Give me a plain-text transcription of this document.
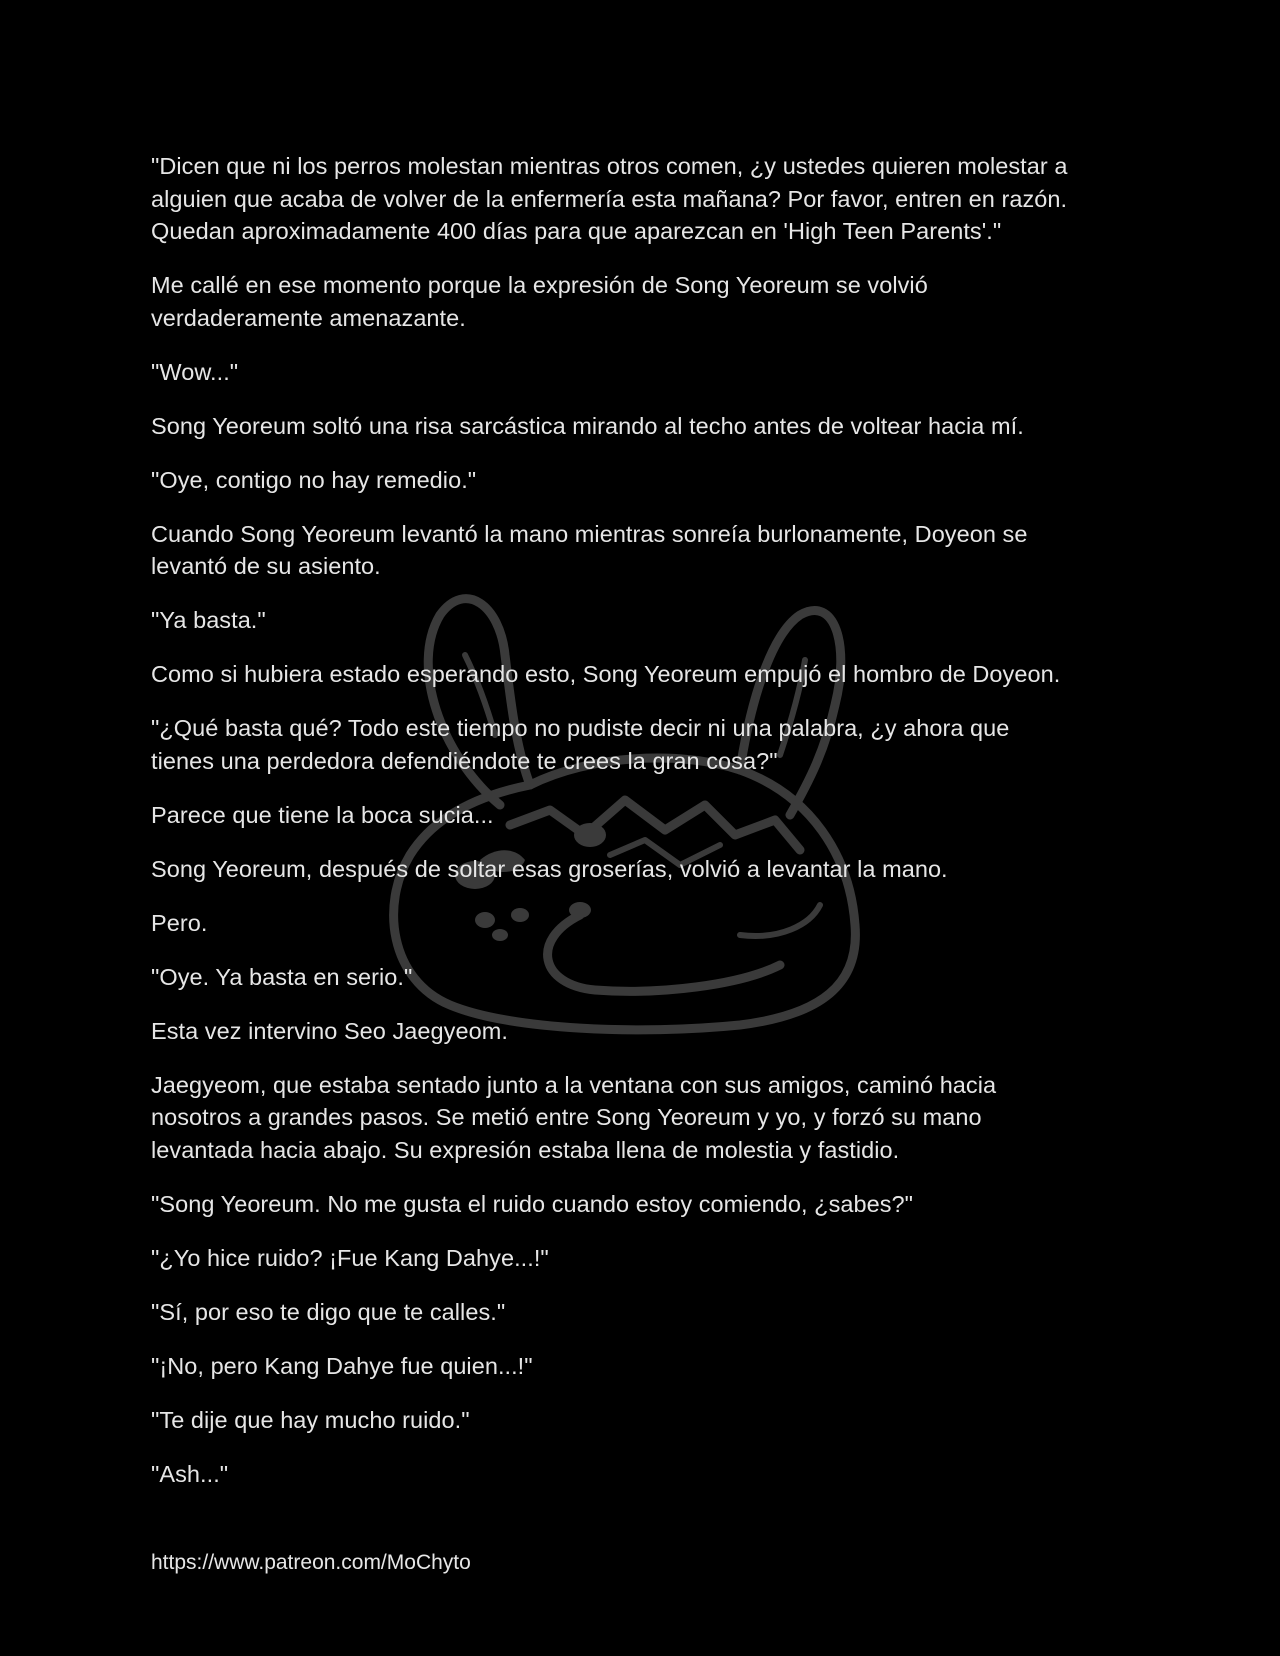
"Dicen que ni los perros molestan mientras otros comen, ¿y ustedes quieren molestar a
alguien que acaba de volver de la enfermería esta mañana? Por favor, entren en razón.
Quedan aproximadamente 400 días para que aparezcan en 'High Teen Parents'."

Me callé en ese momento porque la expresión de Song Yeoreum se volvió
verdaderamente amenazante.

"Wow..."

Song Yeoreum soltó una risa sarcástica mirando al techo antes de voltear hacia mí.

"Oye, contigo no hay remedio."

Cuando Song Yeoreum levantó la mano mientras sonreía burlonamente, Doyeon se
levantó de su asiento.

"Ya basta."

Como si hubiera estado esperando esto, Song Yeoreum empujó el hombro de Doyeon.

"¿Qué basta qué? Todo este tiempo no pudiste decir ni una palabra, ¿y ahora que
tienes una perdedora defendiéndote te crees la gran cosa?"

Parece que tiene la boca sucia...

Song Yeoreum, después de soltar esas groserías, volvió a levantar la mano.

Pero.

"Oye. Ya basta en serio."

Esta vez intervino Seo Jaegyeom.

Jaegyeom, que estaba sentado junto a la ventana con sus amigos, caminó hacia
nosotros a grandes pasos. Se metió entre Song Yeoreum y yo, y forzó su mano
levantada hacia abajo. Su expresión estaba llena de molestia y fastidio.

"Song Yeoreum. No me gusta el ruido cuando estoy comiendo, ¿sabes?"

"¿Yo hice ruido? ¡Fue Kang Dahye...!"

"Sí, por eso te digo que te calles."

"¡No, pero Kang Dahye fue quien...!"

"Te dije que hay mucho ruido."

"Ash..."

https://www.patreon.com/MoChyto
